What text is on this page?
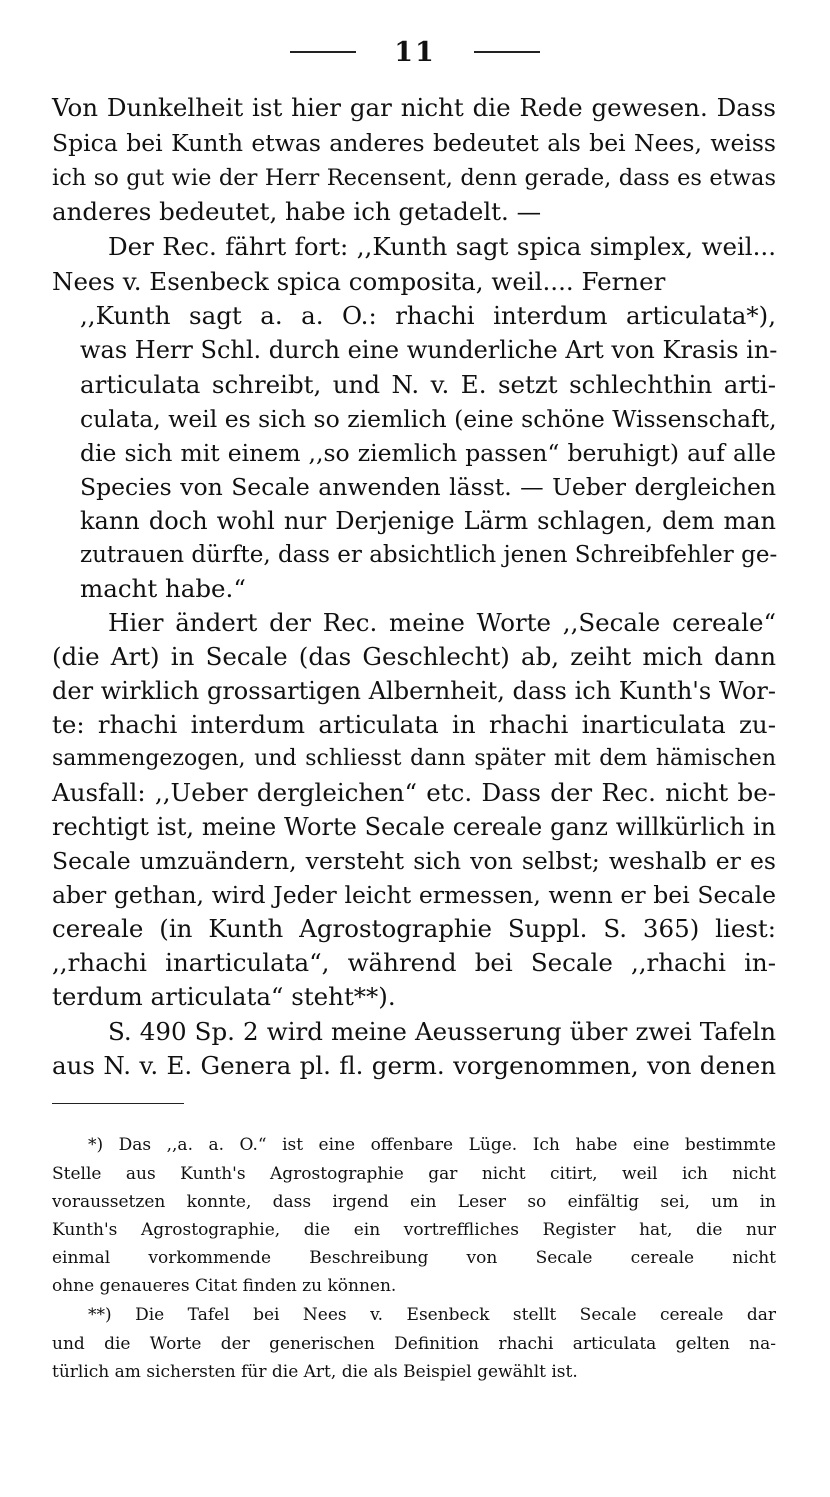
11
Von Dunkelheit ist hier gar nicht die Rede gewesen. Dass
Spica bei Kunth etwas anderes bedeutet als bei Nees, weiss
ich so gut wie der Herr Recensent, denn gerade, dass es etwas
anderes bedeutet, habe ich getadelt. —
Der Rec. fährt fort: ,,Kunth sagt spica simplex, weil...
Nees v. Esenbeck spica composita, weil.... Ferner
,,Kunth sagt a. a. O.: rhachi interdum articulata*),
was Herr Schl. durch eine wunderliche Art von Krasis in-
articulata schreibt, und N. v. E. setzt schlechthin arti-
culata, weil es sich so ziemlich (eine schöne Wissenschaft,
die sich mit einem ,,so ziemlich passen“ beruhigt) auf alle
Species von Secale anwenden lässt. — Ueber dergleichen
kann doch wohl nur Derjenige Lärm schlagen, dem man
zutrauen dürfte, dass er absichtlich jenen Schreibfehler ge-
macht habe.“
Hier ändert der Rec. meine Worte ,,Secale cereale“
(die Art) in Secale (das Geschlecht) ab, zeiht mich dann
der wirklich grossartigen Albernheit, dass ich Kunth's Wor-
te: rhachi interdum articulata in rhachi inarticulata zu-
sammengezogen, und schliesst dann später mit dem hämischen
Ausfall: ,,Ueber dergleichen“ etc. Dass der Rec. nicht be-
rechtigt ist, meine Worte Secale cereale ganz willkürlich in
Secale umzuändern, versteht sich von selbst; weshalb er es
aber gethan, wird Jeder leicht ermessen, wenn er bei Secale
cereale (in Kunth Agrostographie Suppl. S. 365) liest:
,,rhachi inarticulata“, während bei Secale ,,rhachi in-
terdum articulata“ steht**).
S. 490 Sp. 2 wird meine Aeusserung über zwei Tafeln
aus N. v. E. Genera pl. fl. germ. vorgenommen, von denen
*) Das ,,a. a. O.“ ist eine offenbare Lüge. Ich habe eine bestimmte
Stelle aus Kunth's Agrostographie gar nicht citirt, weil ich nicht
voraussetzen konnte, dass irgend ein Leser so einfältig sei, um in
Kunth's Agrostographie, die ein vortreffliches Register hat, die nur
einmal vorkommende Beschreibung von Secale cereale nicht
ohne genaueres Citat finden zu können.
**) Die Tafel bei Nees v. Esenbeck stellt Secale cereale dar
und die Worte der generischen Definition rhachi articulata gelten na-
türlich am sichersten für die Art, die als Beispiel gewählt ist.
